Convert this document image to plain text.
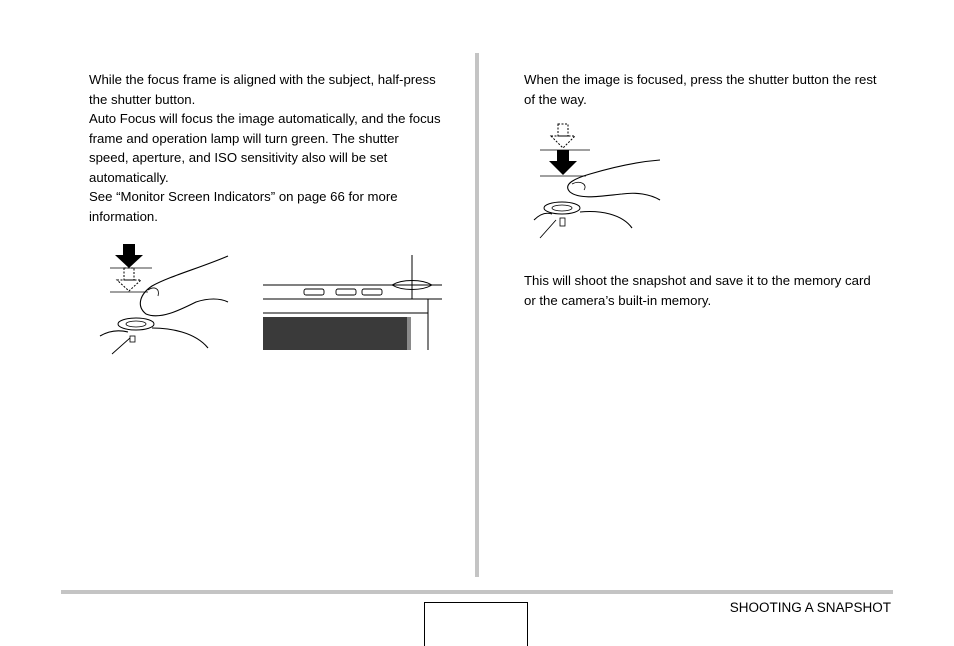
While the focus frame is aligned with the subject, half-press
the shutter button.

Auto Focus will focus the image automatically, and the focus
frame and operation lamp will turn green. The shutter
speed, aperture, and ISO sensitivity also will be set
automatically.

See “Monitor Screen Indicators” on page 66 for more
information.

When the image is focused, press the shutter button the rest
of the way.

This will shoot the snapshot and save it to the memory card
or the camera’s built-in memory.

SHOOTING A SNAPSHOT
